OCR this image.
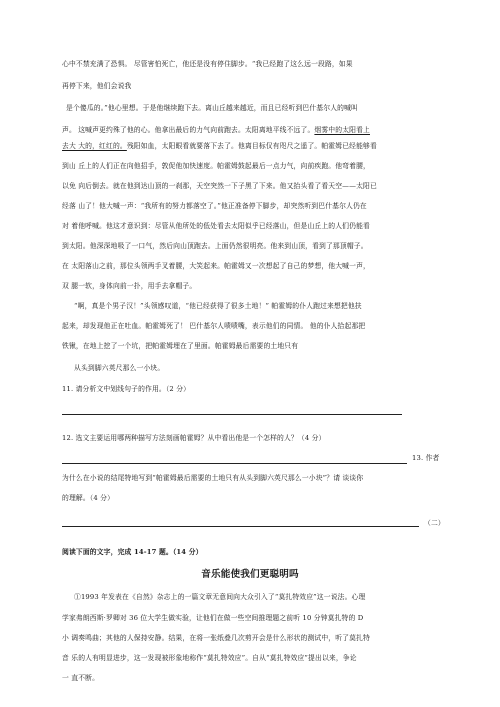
心中不禁充满了恐惧。 尽管害怕死亡，他还是没有停住脚步。“我已经跑了这么远一段路，如果
再停下来，他们会说我
是个傻瓜的。”他心里想。于是他继续跑下去。离山丘越来越近，而且已经听到巴什基尔人的喊叫
声。 这喊声更约殊了他的心。他拿出最后的力气向前跑去。太阳离地平线不远了。烟雾中的太阳看上
去大 大的，红红的。残阳如血，太阳眼看就要落下去了。他离目标仅有咫尺之遥了。帕霍姆已经能够看
到山 丘上的人们正在向他招手，敦促他加快速度。帕霍姆鼓起最后一点力气，向前疾跑。他弯着腰，
以免 向后倒去。就在他到达山顶的一刹那，天空突然一下子黑了下来。他又抬头看了看天空——太阳已
经落 山了！他大喊一声：“我所有的努力都落空了。”他正准备停下脚步，却突然听到巴什基尔人仍在
对 着他呼喊。他这才意识到：尽管从他所处的低处看去太阳似乎已经落山，但是山丘上的人们仍能看
到太阳。他深深地吸了一口气，然后向山顶跑去。上面仍然很明亮。他来到山顶，看到了那顶帽子。
在 太阳落山之前，那位头领两手叉着腰，大笑起来。帕霍姆又一次想起了自己的梦想，他大喊一声，
双 腿一软，身体向前一扑，用手去拿帽子。
“啊，真是个男子汉！”头领感叹道，“他已经获得了很多土地！” 帕霍姆的仆人跑过来想把他扶
起来，却发现他正在吐血。帕霍姆死了！ 巴什基尔人啧啧嘴，表示他们的同情。 他的仆人拾起那把
铁锹，在地上挖了一个坑，把帕霍姆埋在了里面。帕霍姆最后需要的土地只有
从头到脚六英尺那么一小块。
11. 请分析文中划线句子的作用。（2 分）
12. 选文主要运用哪两种描写方法刻画帕霍姆？从中看出他是一个怎样的人？（4 分）
13. 作者
为什么在小说的结尾特地写到“帕霍姆最后需要的土地只有从头到脚六英尺那么一小块”？请 谈谈你
的理解。（4 分）
（二）
阅读下面的文字，完成 14-17 题。（14 分）
音乐能使我们更聪明吗
①1993 年发表在《自然》杂志上的一篇文章无意间向大众引入了“莫扎特效应”这一说法。心理
学家弗朗西斯·罗卿对 36 位大学生做实验，让他们在做一些空间推理题之前听 10 分钟莫扎特的 D
小 调奏鸣曲；其他的人保持安静。结果，在将一张纸叠几次剪开会是什么形状的测试中，听了莫扎特
音 乐的人有明显进步，这一发现被形象地称作“莫扎特效应”。自从“莫扎特效应”提出以来，争论
一 直不断。
